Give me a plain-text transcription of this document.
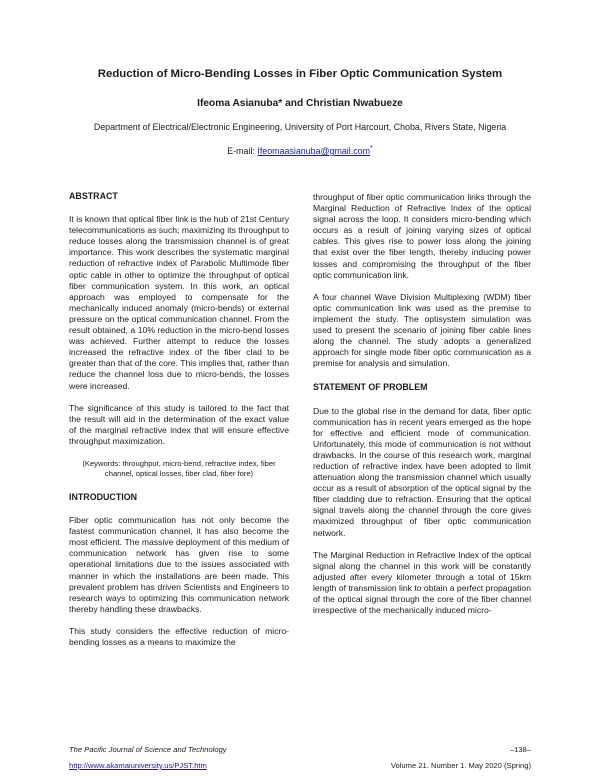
Reduction of Micro-Bending Losses in Fiber Optic Communication System
Ifeoma Asianuba* and Christian Nwabueze
Department of Electrical/Electronic Engineering, University of Port Harcourt, Choba, Rivers State, Nigeria
E-mail: Ifeomaasianuba@gmail.com*
ABSTRACT

It is known that optical fiber link is the hub of 21st Century telecommunications as such; maximizing its throughput to reduce losses along the transmission channel is of great importance. This work describes the systematic marginal reduction of refractive index of Parabolic Multimode fiber optic cable in other to optimize the throughput of optical fiber communication system. In this work, an optical approach was employed to compensate for the mechanically induced anomaly (micro-bends) or external pressure on the optical communication channel. From the result obtained, a 10% reduction in the micro-bend losses was achieved. Further attempt to reduce the losses increased the refractive index of the fiber clad to be greater than that of the core. This implies that, rather than reduce the channel loss due to micro-bends, the losses were increased.

The significance of this study is tailored to the fact that the result will aid in the determination of the exact value of the marginal refractive index that will ensure effective throughput maximization.

(Keywords: throughput, micro-bend, refractive index, fiber channel, optical losses, fiber clad, fiber fore)

INTRODUCTION

Fiber optic communication has not only become the fastest communication channel, it has also become the most efficient. The massive deployment of this medium of communication network has given rise to some operational limitations due to the issues associated with manner in which the installations are been made. This prevalent problem has driven Scientists and Engineers to research ways to optimizing this communication network thereby handling these drawbacks.

This study considers the effective reduction of micro-bending losses as a means to maximize the

throughput of fiber optic communication links through the Marginal Reduction of Refractive Index of the optical signal across the loop. It considers micro-bending which occurs as a result of joining varying sizes of optical cables. This gives rise to power loss along the joining that exist over the fiber length, thereby inducing power losses and compromising the throughput of the fiber optic communication link.

A four channel Wave Division Multiplexing (WDM) fiber optic communication link was used as the premise to implement the study. The optisystem simulation was used to present the scenario of joining fiber cable lines along the channel. The study adopts a generalized approach for single mode fiber optic communication as a premise for analysis and simulation.

STATEMENT OF PROBLEM

Due to the global rise in the demand for data, fiber optic communication has in recent years emerged as the hope for effective and efficient mode of communication. Unfortunately, this mode of communication is not without drawbacks. In the course of this research work, marginal reduction of refractive index have been adopted to limit attenuation along the transmission channel which usually occur as a result of absorption of the optical signal by the fiber cladding due to refraction. Ensuring that the optical signal travels along the channel through the core gives maximized throughput of fiber optic communication network.

The Marginal Reduction in Refractive Index of the optical signal along the channel in this work will be constantly adjusted after every kilometer through a total of 15km length of transmission link to obtain a perfect propagation of the optical signal through the core of the fiber channel irrespective of the mechanically induced micro-

The Pacific Journal of Science and Technology	–138–
http://www.akamaiuniversity.us/PJST.htm	Volume 21. Number 1. May 2020 (Spring)
